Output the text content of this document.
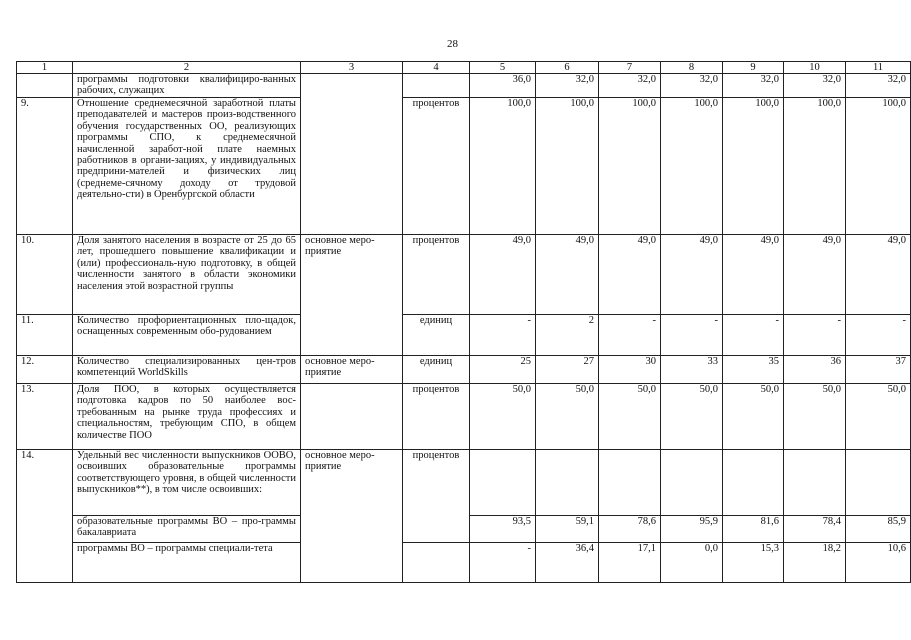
28
1	2	3	4	5	6	7	8	9	10	11
	программы подготовки квалифициро-ванных рабочих, служащих			36,0	32,0	32,0	32,0	32,0	32,0	32,0
9.	Отношение среднемесячной заработной платы преподавателей и мастеров произ-водственного обучения государственных ОО, реализующих программы СПО, к среднемесячной начисленной заработ-ной плате наемных работников в органи-зациях, у индивидуальных предприни-мателей и физических лиц (среднеме-сячному доходу от трудовой деятельно-сти) в Оренбургской области		процентов	100,0	100,0	100,0	100,0	100,0	100,0	100,0
10.	Доля занятого населения в возрасте от 25 до 65 лет, прошедшего повышение квалификации и (или) профессиональ-ную подготовку, в общей численности занятого в области экономики населения этой возрастной группы	основное меро-приятие	процентов	49,0	49,0	49,0	49,0	49,0	49,0	49,0
11.	Количество профориентационных пло-щадок, оснащенных современным обо-рудованием		единиц	-	2	-	-	-	-	-
12.	Количество специализированных цен-тров компетенций WorldSkills	основное меро-приятие	единиц	25	27	30	33	35	36	37
13.	Доля ПОО, в которых осуществляется подготовка кадров по 50 наиболее вос-требованным на рынке труда профессиях и специальностям, требующим СПО, в общем количестве ПОО		процентов	50,0	50,0	50,0	50,0	50,0	50,0	50,0
14.	Удельный вес численности выпускников ООВО, освоивших образовательные программы соответствующего уровня, в общей численности выпускников**), в том числе освоивших:	основное меро-приятие	процентов							
	образовательные программы ВО – про-граммы бакалавриата			93,5	59,1	78,6	95,9	81,6	78,4	85,9
	программы ВО – программы специали-тета			-	36,4	17,1	0,0	15,3	18,2	10,6
